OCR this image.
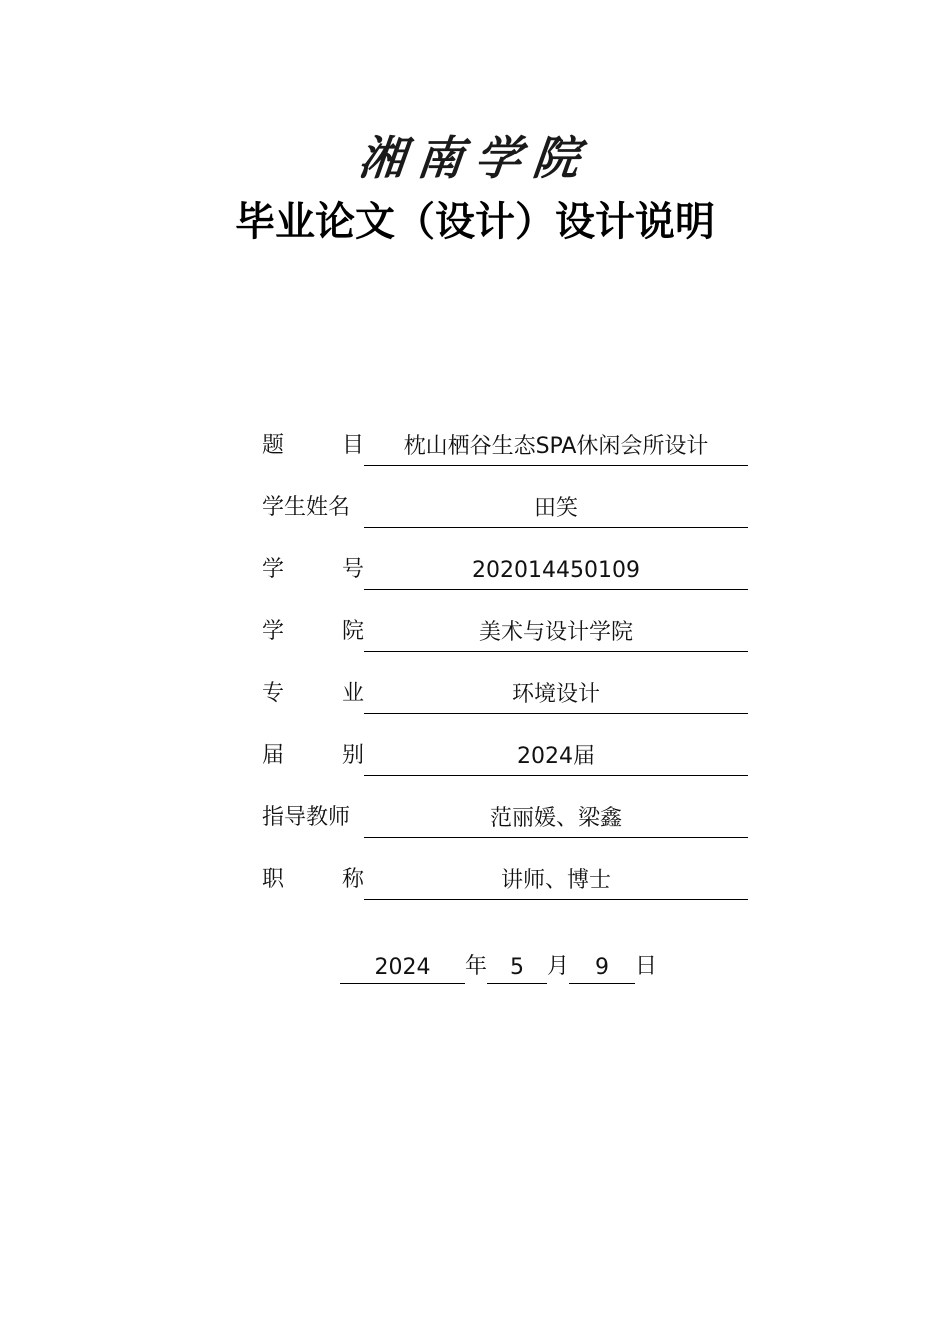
湘南学院
毕业论文（设计）设计说明
题	目	枕山栖谷生态SPA休闲会所设计
学生姓名	田笑
学	号	202014450109
学	院	美术与设计学院
专	业	环境设计
届	别	2024届
指导教师	范丽媛、梁鑫
职	称	讲师、博士
2024	年	5	月	9	日
